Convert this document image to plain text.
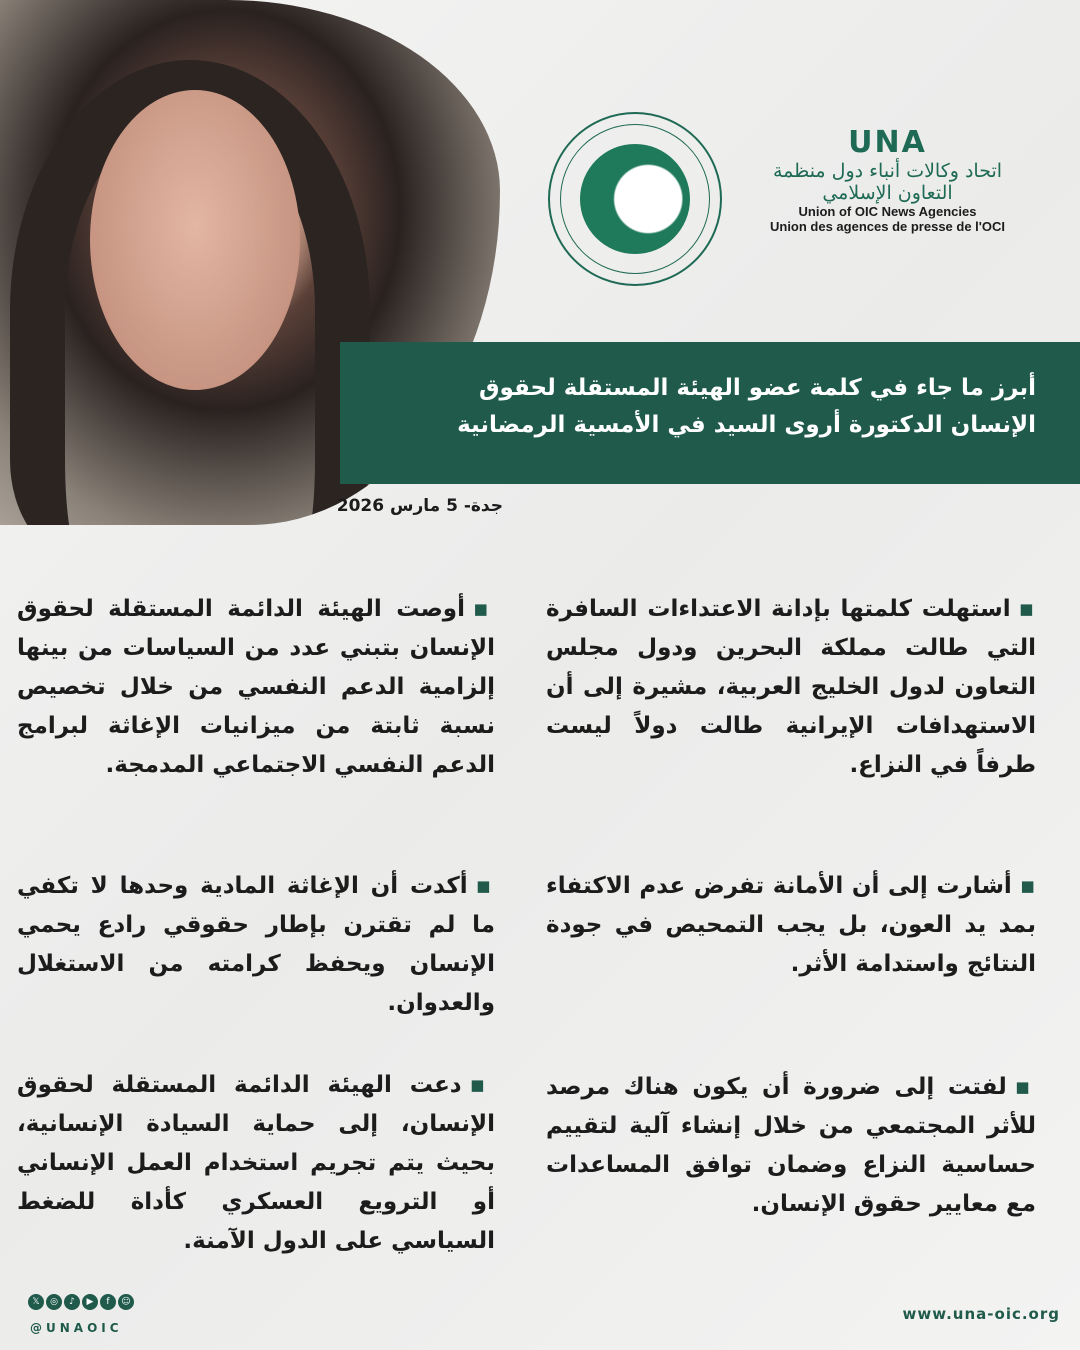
UNA
اتحاد وكالات أنباء دول منظمة التعاون الإسلامي
Union of OIC News Agencies
Union des agences de presse de l'OCI
أبرز ما جاء في كلمة عضو الهيئة المستقلة لحقوق
الإنسان الدكتورة أروى السيد في الأمسية الرمضانية
جدة- 5 مارس 2026
▪استهلت كلمتها بإدانة الاعتداءات السافرة التي طالت مملكة البحرين ودول مجلس التعاون لدول الخليج العربية، مشيرة إلى أن الاستهدافات الإيرانية طالت دولاً ليست طرفاً في النزاع.
▪أشارت إلى أن الأمانة تفرض عدم الاكتفاء بمد يد العون، بل يجب التمحيص في جودة النتائج واستدامة الأثر.
▪لفتت إلى ضرورة أن يكون هناك مرصد للأثر المجتمعي من خلال إنشاء آلية لتقييم حساسية النزاع وضمان توافق المساعدات مع معايير حقوق الإنسان.
▪أوصت الهيئة الدائمة المستقلة لحقوق الإنسان بتبني عدد من السياسات من بينها إلزامية الدعم النفسي من خلال تخصيص نسبة ثابتة من ميزانيات الإغاثة لبرامج الدعم النفسي الاجتماعي المدمجة.
▪أكدت أن الإغاثة المادية وحدها لا تكفي ما لم تقترن بإطار حقوقي رادع يحمي الإنسان ويحفظ كرامته من الاستغلال والعدوان.
▪دعت الهيئة الدائمة المستقلة لحقوق الإنسان، إلى حماية السيادة الإنسانية، بحيث يتم تجريم استخدام العمل الإنساني أو الترويع العسكري كأداة للضغط السياسي على الدول الآمنة.
𝕏	◎	♪	▶	f	☺
@UNAOIC
www.una-oic.org
